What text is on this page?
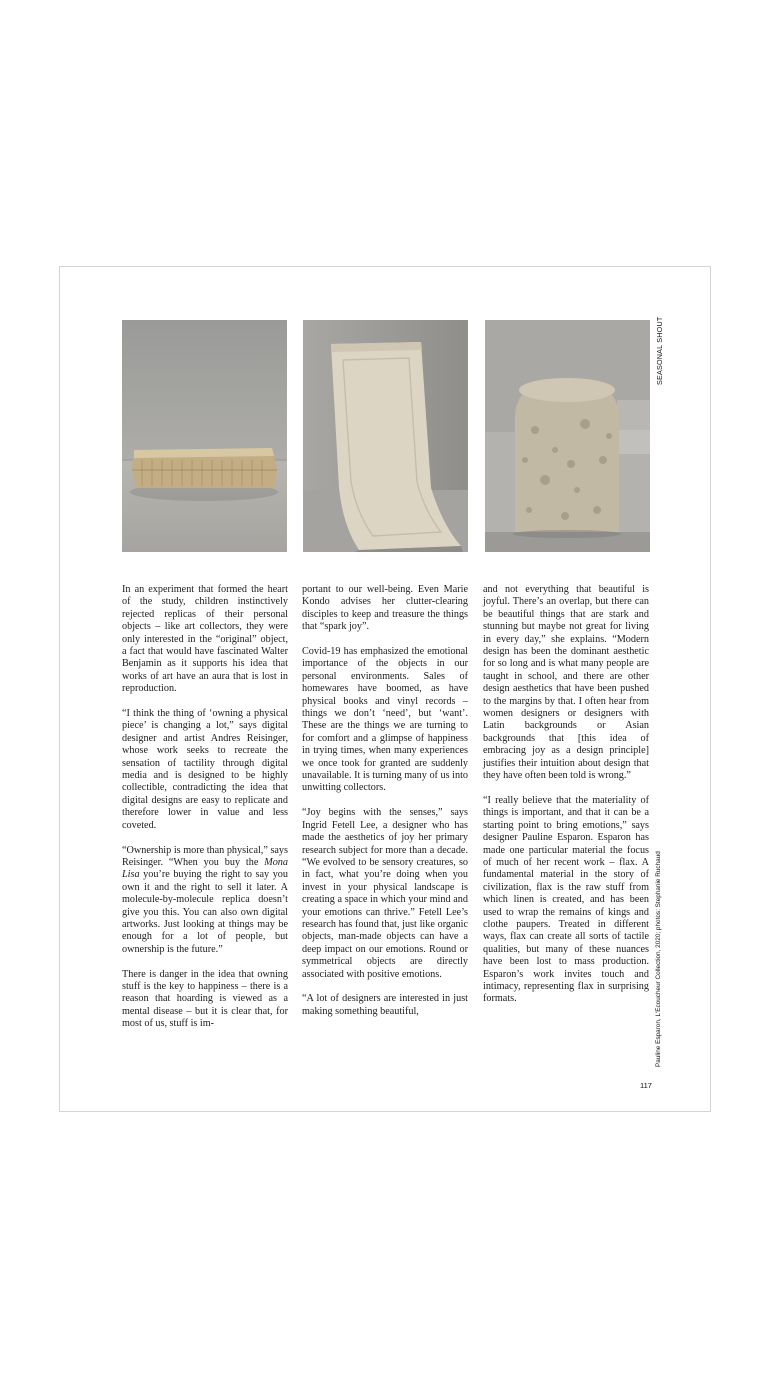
SEASONAL SHOUT
Pauline Esparon, L'Ecoucheur Collection, 2020; photos: Stephanie Ruchaud

In an experiment that formed the heart of the study, children instinctively rejected replicas of their personal objects – like art collectors, they were only interested in the “original” object, a fact that would have fascinated Walter Benjamin as it supports his idea that works of art have an aura that is lost in reproduction.

“I think the thing of ‘owning a physical piece’ is changing a lot,” says digital designer and artist Andres Reisinger, whose work seeks to recreate the sensation of tactility through digital media and is designed to be highly collectible, contradicting the idea that digital designs are easy to replicate and therefore lower in value and less coveted.

“Ownership is more than physical,” says Reisinger. “When you buy the Mona Lisa you’re buying the right to say you own it and the right to sell it later. A molecule-by-molecule replica doesn’t give you this. You can also own digital artworks. Just looking at things may be enough for a lot of people, but ownership is the future.”

There is danger in the idea that owning stuff is the key to happiness – there is a reason that hoarding is viewed as a mental disease – but it is clear that, for most of us, stuff is im-

portant to our well-being. Even Marie Kondo advises her clutter-clearing disciples to keep and treasure the things that “spark joy”.

Covid-19 has emphasized the emotional importance of the objects in our personal environments. Sales of homewares have boomed, as have physical books and vinyl records – things we don’t ‘need’, but ‘want’. These are the things we are turning to for comfort and a glimpse of happiness in trying times, when many experiences we once took for granted are suddenly unavailable. It is turning many of us into unwitting collectors.

“Joy begins with the senses,” says Ingrid Fetell Lee, a designer who has made the aesthetics of joy her primary research subject for more than a decade. “We evolved to be sensory creatures, so in fact, what you’re doing when you invest in your physical landscape is creating a space in which your mind and your emotions can thrive.” Fetell Lee’s research has found that, just like organic objects, man-made objects can have a deep impact on our emotions. Round or symmetrical objects are directly associated with positive emotions.

“A lot of designers are interested in just making something beautiful,

and not everything that beautiful is joyful. There’s an overlap, but there can be beautiful things that are stark and stunning but maybe not great for living in every day,” she explains. “Modern design has been the dominant aesthetic for so long and is what many people are taught in school, and there are other design aesthetics that have been pushed to the margins by that. I often hear from women designers or designers with Latin backgrounds or Asian backgrounds that [this idea of embracing joy as a design principle] justifies their intuition about design that they have often been told is wrong.”

“I really believe that the materiality of things is important, and that it can be a starting point to bring emotions,” says designer Pauline Esparon. Esparon has made one particular material the focus of much of her recent work – flax. A fundamental material in the story of civilization, flax is the raw stuff from which linen is created, and has been used to wrap the remains of kings and clothe paupers. Treated in different ways, flax can create all sorts of tactile qualities, but many of these nuances have been lost to mass production. Esparon’s work invites touch and intimacy, representing flax in surprising formats.

117
